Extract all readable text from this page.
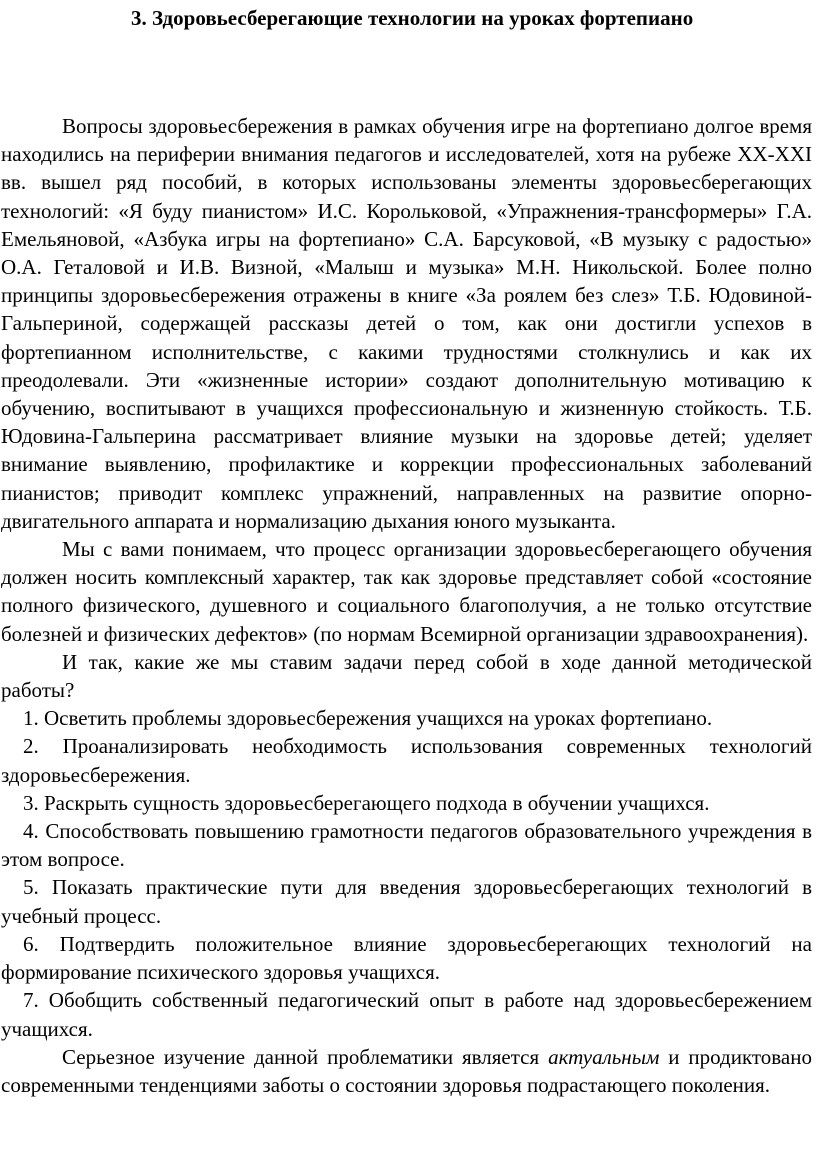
3. Здоровьесберегающие технологии на уроках фортепиано

Вопросы здоровьесбережения в рамках обучения игре на фортепиано долгое время находились на периферии внимания педагогов и исследователей, хотя на рубеже XX-XXI вв. вышел ряд пособий, в которых использованы элементы здоровьесберегающих технологий: «Я буду пианистом» И.С. Корольковой, «Упражнения-трансформеры» Г.А. Емельяновой, «Азбука игры на фортепиано» С.А. Барсуковой, «В музыку с радостью» О.А. Геталовой и И.В. Визной, «Малыш и музыка» М.Н. Никольской. Более полно принципы здоровьесбережения отражены в книге «За роялем без слез» Т.Б. Юдовиной-Гальпериной, содержащей рассказы детей о том, как они достигли успехов в фортепианном исполнительстве, с какими трудностями столкнулись и как их преодолевали. Эти «жизненные истории» создают дополнительную мотивацию к обучению, воспитывают в учащихся профессиональную и жизненную стойкость. Т.Б. Юдовина-Гальперина рассматривает влияние музыки на здоровье детей; уделяет внимание выявлению, профилактике и коррекции профессиональных заболеваний пианистов; приводит комплекс упражнений, направленных на развитие опорно-двигательного аппарата и нормализацию дыхания юного музыканта.

Мы с вами понимаем, что процесс организации здоровьесберегающего обучения должен носить комплексный характер, так как здоровье представляет собой «состояние полного физического, душевного и социального благополучия, а не только отсутствие болезней и физических дефектов» (по нормам Всемирной организации здравоохранения).

И так, какие же мы ставим задачи перед собой в ходе данной методической работы?

1. Осветить проблемы здоровьесбережения учащихся на уроках фортепиано.

2. Проанализировать необходимость использования современных технологий здоровьесбережения.

3. Раскрыть сущность здоровьесберегающего подхода в обучении учащихся.

4. Способствовать повышению грамотности педагогов образовательного учреждения в этом вопросе.

5. Показать практические пути для введения здоровьесберегающих технологий в учебный процесс.

6. Подтвердить положительное влияние здоровьесберегающих технологий на формирование психического здоровья учащихся.

7. Обобщить собственный педагогический опыт в работе над здоровьесбережением учащихся.

Серьезное изучение данной проблематики является актуальным и продиктовано современными тенденциями заботы о состоянии здоровья подрастающего поколения.
